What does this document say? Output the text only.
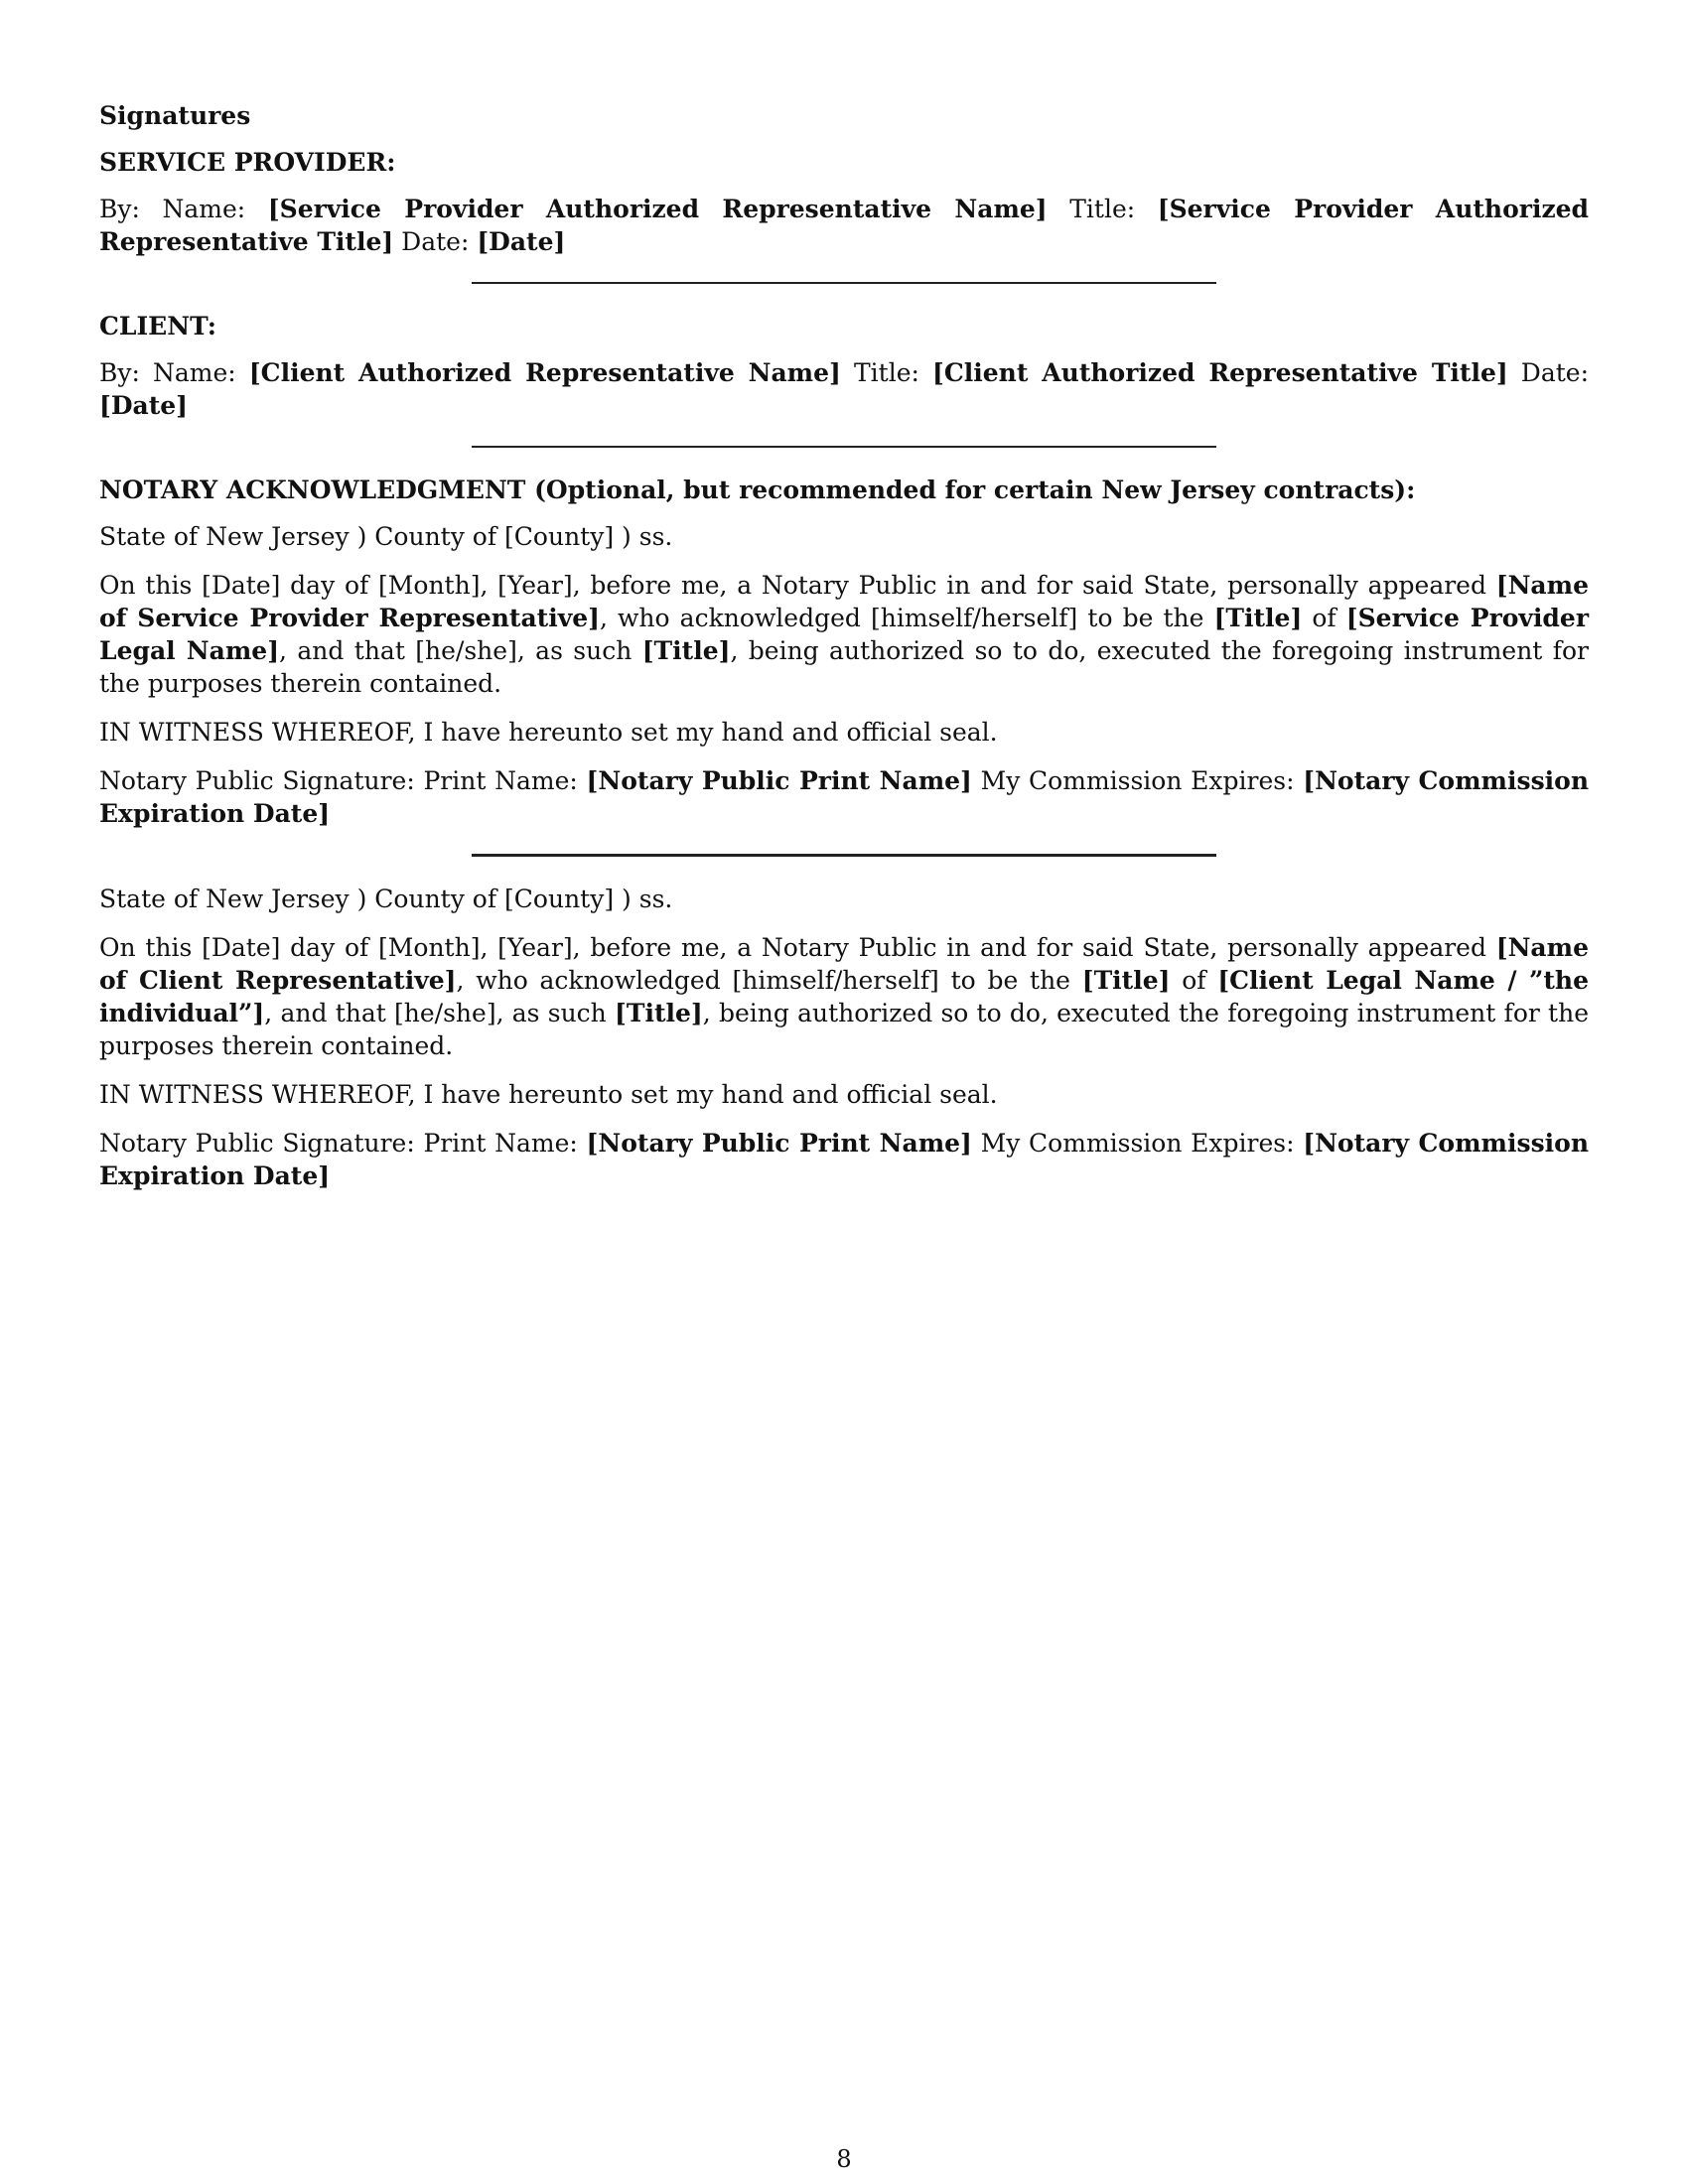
Signatures
SERVICE PROVIDER:

By: Name: [Service Provider Authorized Representative Name] Title: [Service Provider Authorized Representative Title] Date: [Date]

CLIENT:

By: Name: [Client Authorized Representative Name] Title: [Client Authorized Representative Title] Date: [Date]

NOTARY ACKNOWLEDGMENT (Optional, but recommended for certain New Jersey contracts):

State of New Jersey ) County of [County] ) ss.

On this [Date] day of [Month], [Year], before me, a Notary Public in and for said State, personally appeared [Name of Service Provider Representative], who acknowledged [himself/herself] to be the [Title] of [Service Provider Legal Name], and that [he/she], as such [Title], being authorized so to do, executed the foregoing instrument for the purposes therein contained.

IN WITNESS WHEREOF, I have hereunto set my hand and official seal.

Notary Public Signature: Print Name: [Notary Public Print Name] My Commission Expires: [Notary Commission Expiration Date]

State of New Jersey ) County of [County] ) ss.

On this [Date] day of [Month], [Year], before me, a Notary Public in and for said State, personally appeared [Name of Client Representative], who acknowledged [himself/herself] to be the [Title] of [Client Legal Name / ”the individual”], and that [he/she], as such [Title], being authorized so to do, executed the foregoing instrument for the purposes therein contained.

IN WITNESS WHEREOF, I have hereunto set my hand and official seal.

Notary Public Signature: Print Name: [Notary Public Print Name] My Commission Expires: [Notary Commission Expiration Date]

8
